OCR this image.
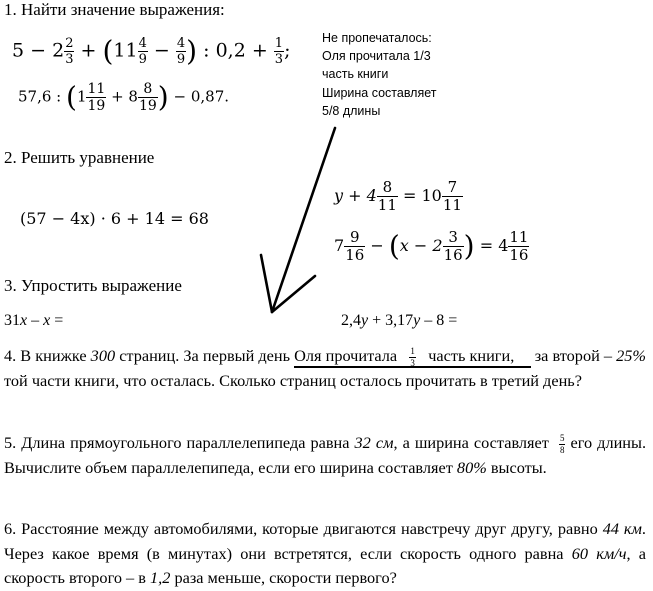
1. Найти значение выражения:
$5 - 2 \frac{2}{3} + (11 \frac{4}{9} - \frac{4}{9}$ ) : $0,2 + \frac{1}{3}$ ;
57,6 : ($1 \frac{11}{19} + 8 \frac{8}{19}$ ) − 0,87.
Не пропечаталось:
Оля прочитала 1/3
часть книги
Ширина составляет
5/8 длины
2. Решить уравнение
(57 − 4x) · 6 + 14 = 68
$y + 4 \frac{8}{11} = 10 \frac{7}{11}$
$7 \frac{9}{16} - (x - 2 \frac{3}{16}$ ) = $4 \frac{11}{16}$
3. Упростить выражение
31x – x =	2,4y + 3,17y – 8 =
4. В книжке 300 страниц. За первый день Оля прочитала $\frac{1}{3}$ часть книги,     за второй – 25% той части книги, что осталась. Сколько страниц осталось прочитать в третий день?
5. Длина прямоугольного параллелепипеда равна 32 см, а ширина составляет $\frac{5}{8}$ его длины. Вычислите объем параллелепипеда, если его ширина составляет 80% высоты.
6. Расстояние между автомобилями, которые двигаются навстречу друг другу, равно 44 км. Через какое время (в минутах) они встретятся, если скорость одного равна 60 км/ч, а скорость второго – в 1,2 раза меньше, скорости первого?
